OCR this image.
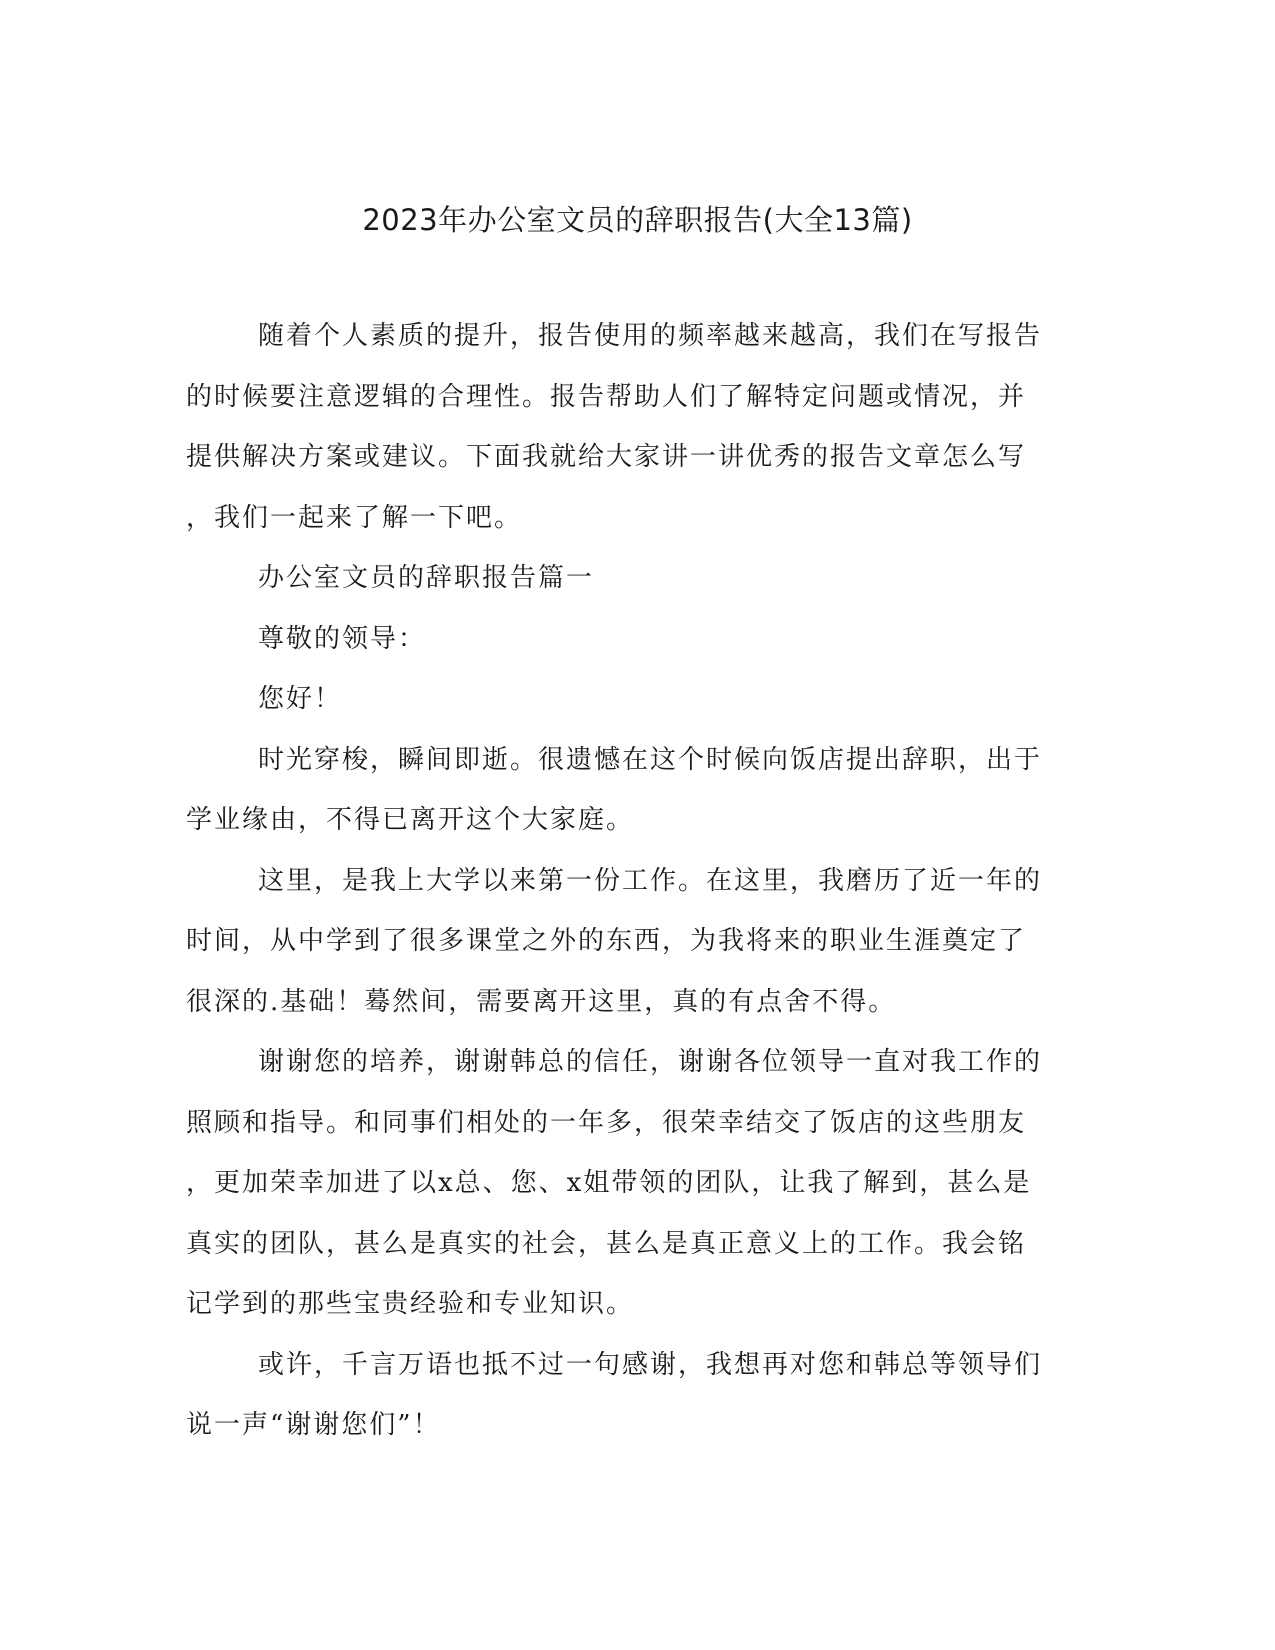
2023年办公室文员的辞职报告(大全13篇)
随着个人素质的提升，报告使用的频率越来越高，我们在写报告
的时候要注意逻辑的合理性。报告帮助人们了解特定问题或情况，并
提供解决方案或建议。下面我就给大家讲一讲优秀的报告文章怎么写
，我们一起来了解一下吧。
办公室文员的辞职报告篇一
尊敬的领导：
您好！
时光穿梭，瞬间即逝。很遗憾在这个时候向饭店提出辞职，出于
学业缘由，不得已离开这个大家庭。
这里，是我上大学以来第一份工作。在这里，我磨历了近一年的
时间，从中学到了很多课堂之外的东西，为我将来的职业生涯奠定了
很深的.基础！蓦然间，需要离开这里，真的有点舍不得。
谢谢您的培养，谢谢韩总的信任，谢谢各位领导一直对我工作的
照顾和指导。和同事们相处的一年多，很荣幸结交了饭店的这些朋友
，更加荣幸加进了以x总、您、x姐带领的团队，让我了解到，甚么是
真实的团队，甚么是真实的社会，甚么是真正意义上的工作。我会铭
记学到的那些宝贵经验和专业知识。
或许，千言万语也抵不过一句感谢，我想再对您和韩总等领导们
说一声“谢谢您们”！
